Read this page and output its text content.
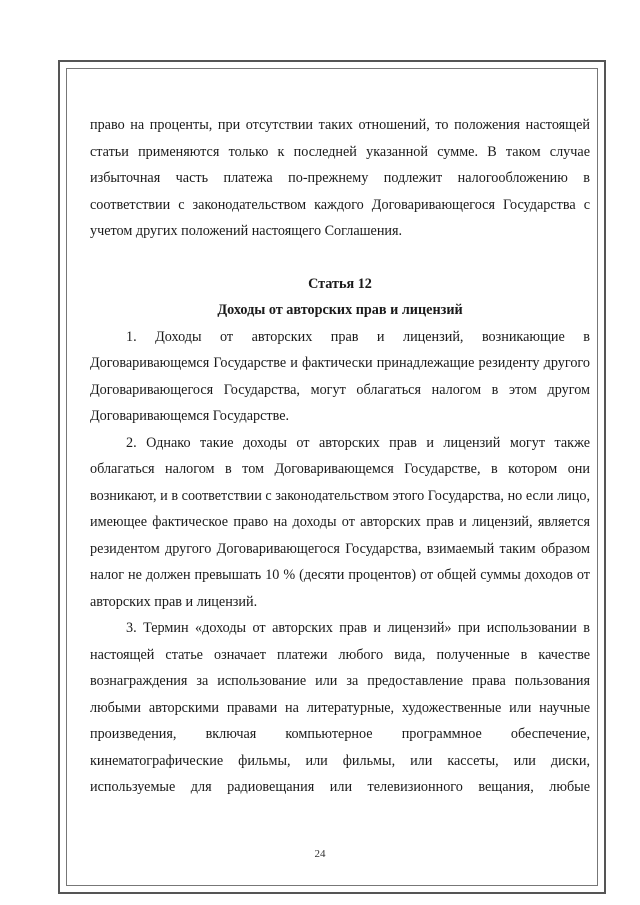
право на проценты, при отсутствии таких отношений, то положения настоящей статьи применяются только к последней указанной сумме. В таком случае избыточная часть платежа по-прежнему подлежит налогообложению в соответствии с законодательством каждого Договаривающегося Государства с учетом других положений настоящего Соглашения.

Статья 12

Доходы от авторских прав и лицензий

1. Доходы от авторских прав и лицензий, возникающие в Договаривающемся Государстве и фактически принадлежащие резиденту другого Договаривающегося Государства, могут облагаться налогом в этом другом Договаривающемся Государстве.

2. Однако такие доходы от авторских прав и лицензий могут также облагаться налогом в том Договаривающемся Государстве, в котором они возникают, и в соответствии с законодательством этого Государства, но если лицо, имеющее фактическое право на доходы от авторских прав и лицензий, является резидентом другого Договаривающегося Государства, взимаемый таким образом налог не должен превышать 10 % (десяти процентов) от общей суммы доходов от авторских прав и лицензий.

3. Термин «доходы от авторских прав и лицензий» при использовании в настоящей статье означает платежи любого вида, полученные в качестве вознаграждения за использование или за предоставление права пользования любыми авторскими правами на литературные, художественные или научные произведения, включая компьютерное программное обеспечение, кинематографические фильмы, или фильмы, или кассеты, или диски, используемые для радиовещания или телевизионного вещания, любые

24
